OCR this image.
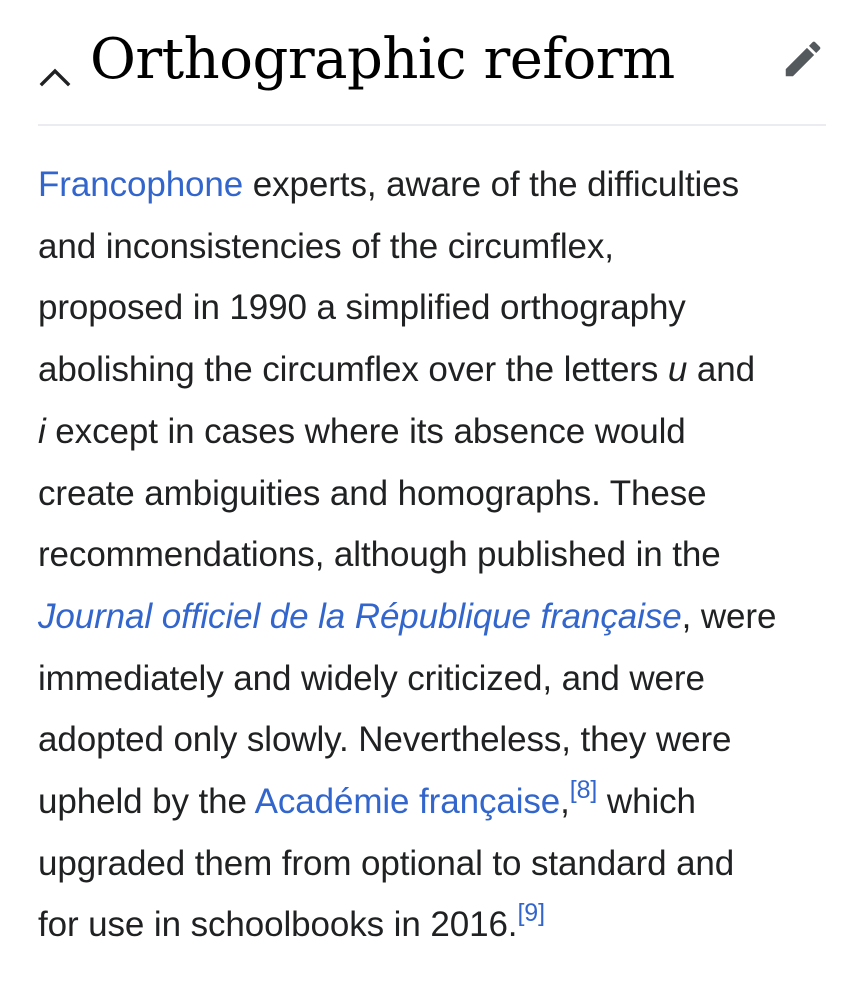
Orthographic reform

Francophone experts, aware of the difficulties
and inconsistencies of the circumflex,
proposed in 1990 a simplified orthography
abolishing the circumflex over the letters u and
i except in cases where its absence would
create ambiguities and homographs. These
recommendations, although published in the
Journal officiel de la République française, were
immediately and widely criticized, and were
adopted only slowly. Nevertheless, they were
upheld by the Académie française,[8] which
upgraded them from optional to standard and
for use in schoolbooks in 2016.[9]
